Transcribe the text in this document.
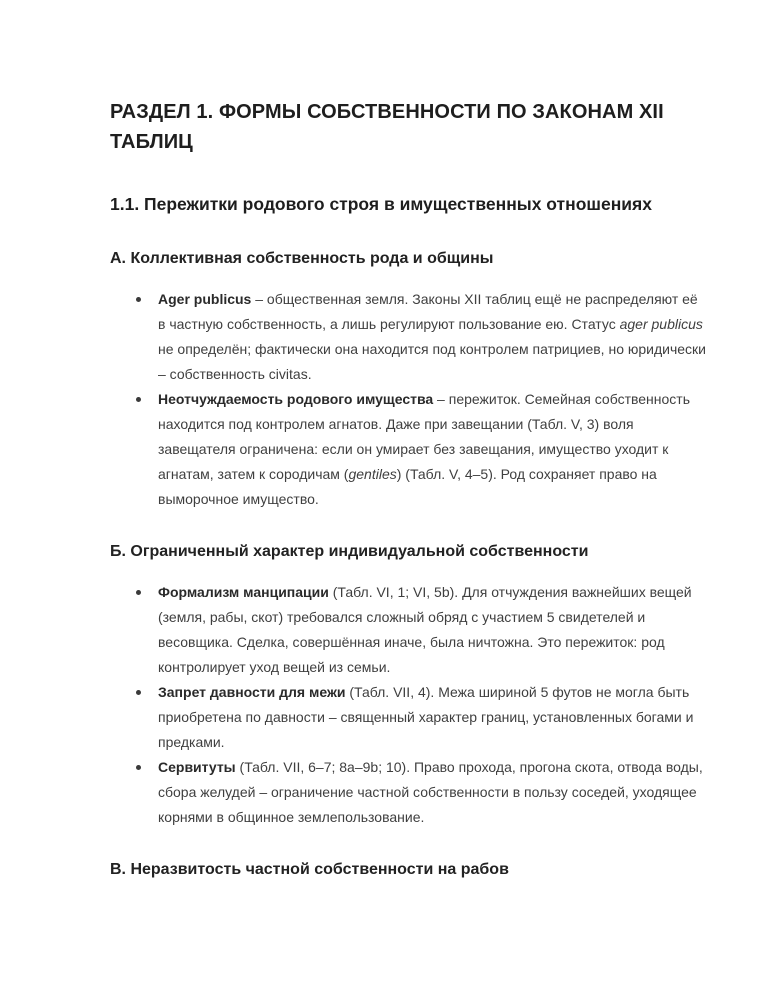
РАЗДЕЛ 1. ФОРМЫ СОБСТВЕННОСТИ ПО ЗАКОНАМ XII ТАБЛИЦ
1.1. Пережитки родового строя в имущественных отношениях
А. Коллективная собственность рода и общины
Ager publicus – общественная земля. Законы XII таблиц ещё не распределяют её в частную собственность, а лишь регулируют пользование ею. Статус ager publicus не определён; фактически она находится под контролем патрициев, но юридически – собственность civitas.
Неотчуждаемость родового имущества – пережиток. Семейная собственность находится под контролем агнатов. Даже при завещании (Табл. V, 3) воля завещателя ограничена: если он умирает без завещания, имущество уходит к агнатам, затем к сородичам (gentiles) (Табл. V, 4–5). Род сохраняет право на выморочное имущество.
Б. Ограниченный характер индивидуальной собственности
Формализм манципации (Табл. VI, 1; VI, 5b). Для отчуждения важнейших вещей (земля, рабы, скот) требовался сложный обряд с участием 5 свидетелей и весовщика. Сделка, совершённая иначе, была ничтожна. Это пережиток: род контролирует уход вещей из семьи.
Запрет давности для межи (Табл. VII, 4). Межа шириной 5 футов не могла быть приобретена по давности – священный характер границ, установленных богами и предками.
Сервитуты (Табл. VII, 6–7; 8a–9b; 10). Право прохода, прогона скота, отвода воды, сбора желудей – ограничение частной собственности в пользу соседей, уходящее корнями в общинное землепользование.
В. Неразвитость частной собственности на рабов
